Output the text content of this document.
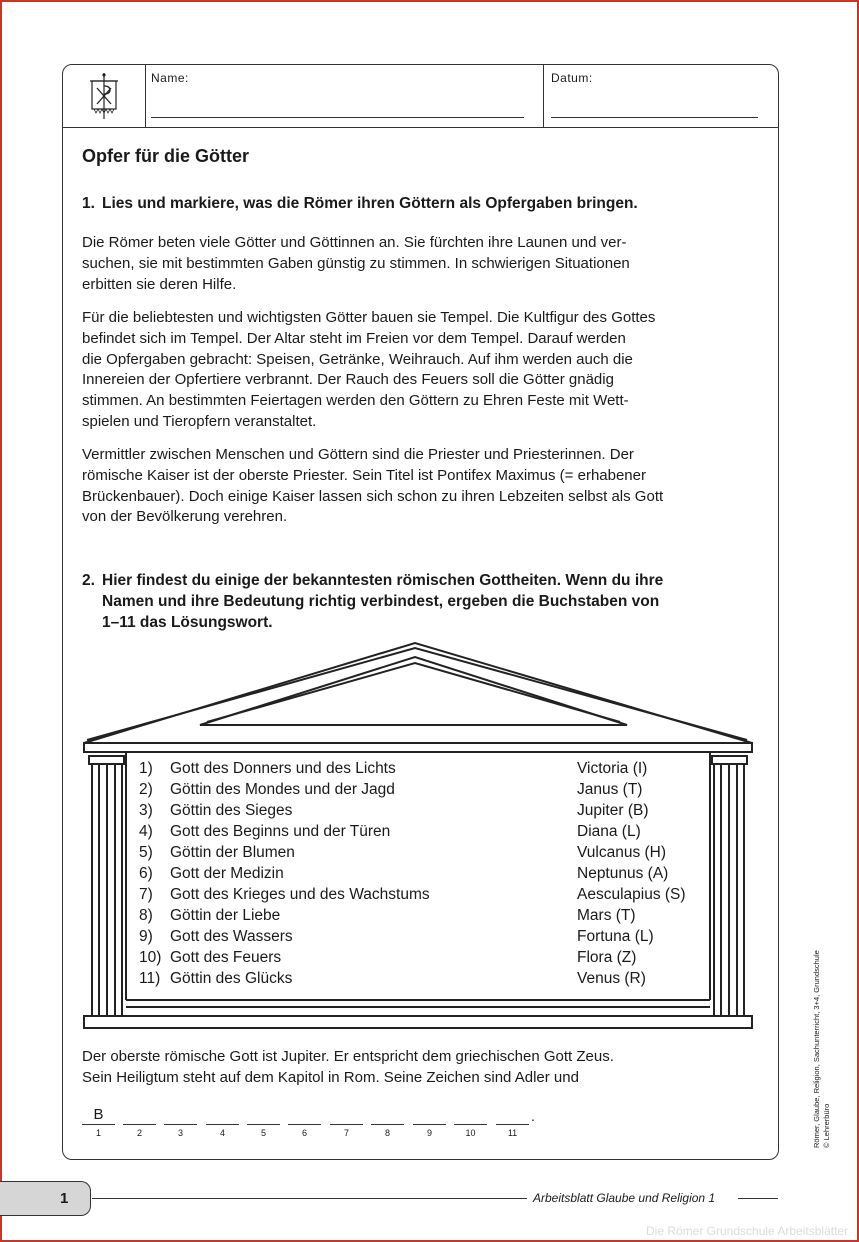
Name:	Datum:
Opfer für die Götter
1. Lies und markiere, was die Römer ihren Göttern als Opfergaben bringen.

Die Römer beten viele Götter und Göttinnen an. Sie fürchten ihre Launen und ver-

suchen, sie mit bestimmten Gaben günstig zu stimmen. In schwierigen Situationen

erbitten sie deren Hilfe.

Für die beliebtesten und wichtigsten Götter bauen sie Tempel. Die Kultfigur des Gottes

befindet sich im Tempel. Der Altar steht im Freien vor dem Tempel. Darauf werden

die Opfergaben gebracht: Speisen, Getränke, Weihrauch. Auf ihm werden auch die

Innereien der Opfertiere verbrannt. Der Rauch des Feuers soll die Götter gnädig

stimmen. An bestimmten Feiertagen werden den Göttern zu Ehren Feste mit Wett-

spielen und Tieropfern veranstaltet.

Vermittler zwischen Menschen und Göttern sind die Priester und Priesterinnen. Der

römische Kaiser ist der oberste Priester. Sein Titel ist Pontifex Maximus (= erhabener

Brückenbauer). Doch einige Kaiser lassen sich schon zu ihren Lebzeiten selbst als Gott

von der Bevölkerung verehren.

2. Hier findest du einige der bekanntesten römischen Gottheiten. Wenn du ihre
Namen und ihre Bedeutung richtig verbindest, ergeben die Buchstaben von
1–11 das Lösungswort.
1) Gott des Donners und des Lichts	Victoria (I)
2) Göttin des Mondes und der Jagd	Janus (T)
3) Göttin des Sieges	Jupiter (B)
4) Gott des Beginns und der Türen	Diana (L)
5) Göttin der Blumen	Vulcanus (H)
6) Gott der Medizin	Neptunus (A)
7) Gott des Krieges und des Wachstums	Aesculapius (S)
8) Göttin der Liebe	Mars (T)
9) Gott des Wassers	Fortuna (L)
10) Gott des Feuers	Flora (Z)
11) Göttin des Glücks	Venus (R)

Der oberste römische Gott ist Jupiter. Er entspricht dem griechischen Gott Zeus.

Sein Heiligtum steht auf dem Kapitol in Rom. Seine Zeichen sind Adler und

B
1	2	3	4	5	6	7	8	9	10	11
.	Römer, Glaube, Religion, Sachunterricht, 3+4, Grundschule © Lehrerbüro
1	Arbeitsblatt Glaube und Religion 1
Die Römer Grundschule Arbeitsblätter
